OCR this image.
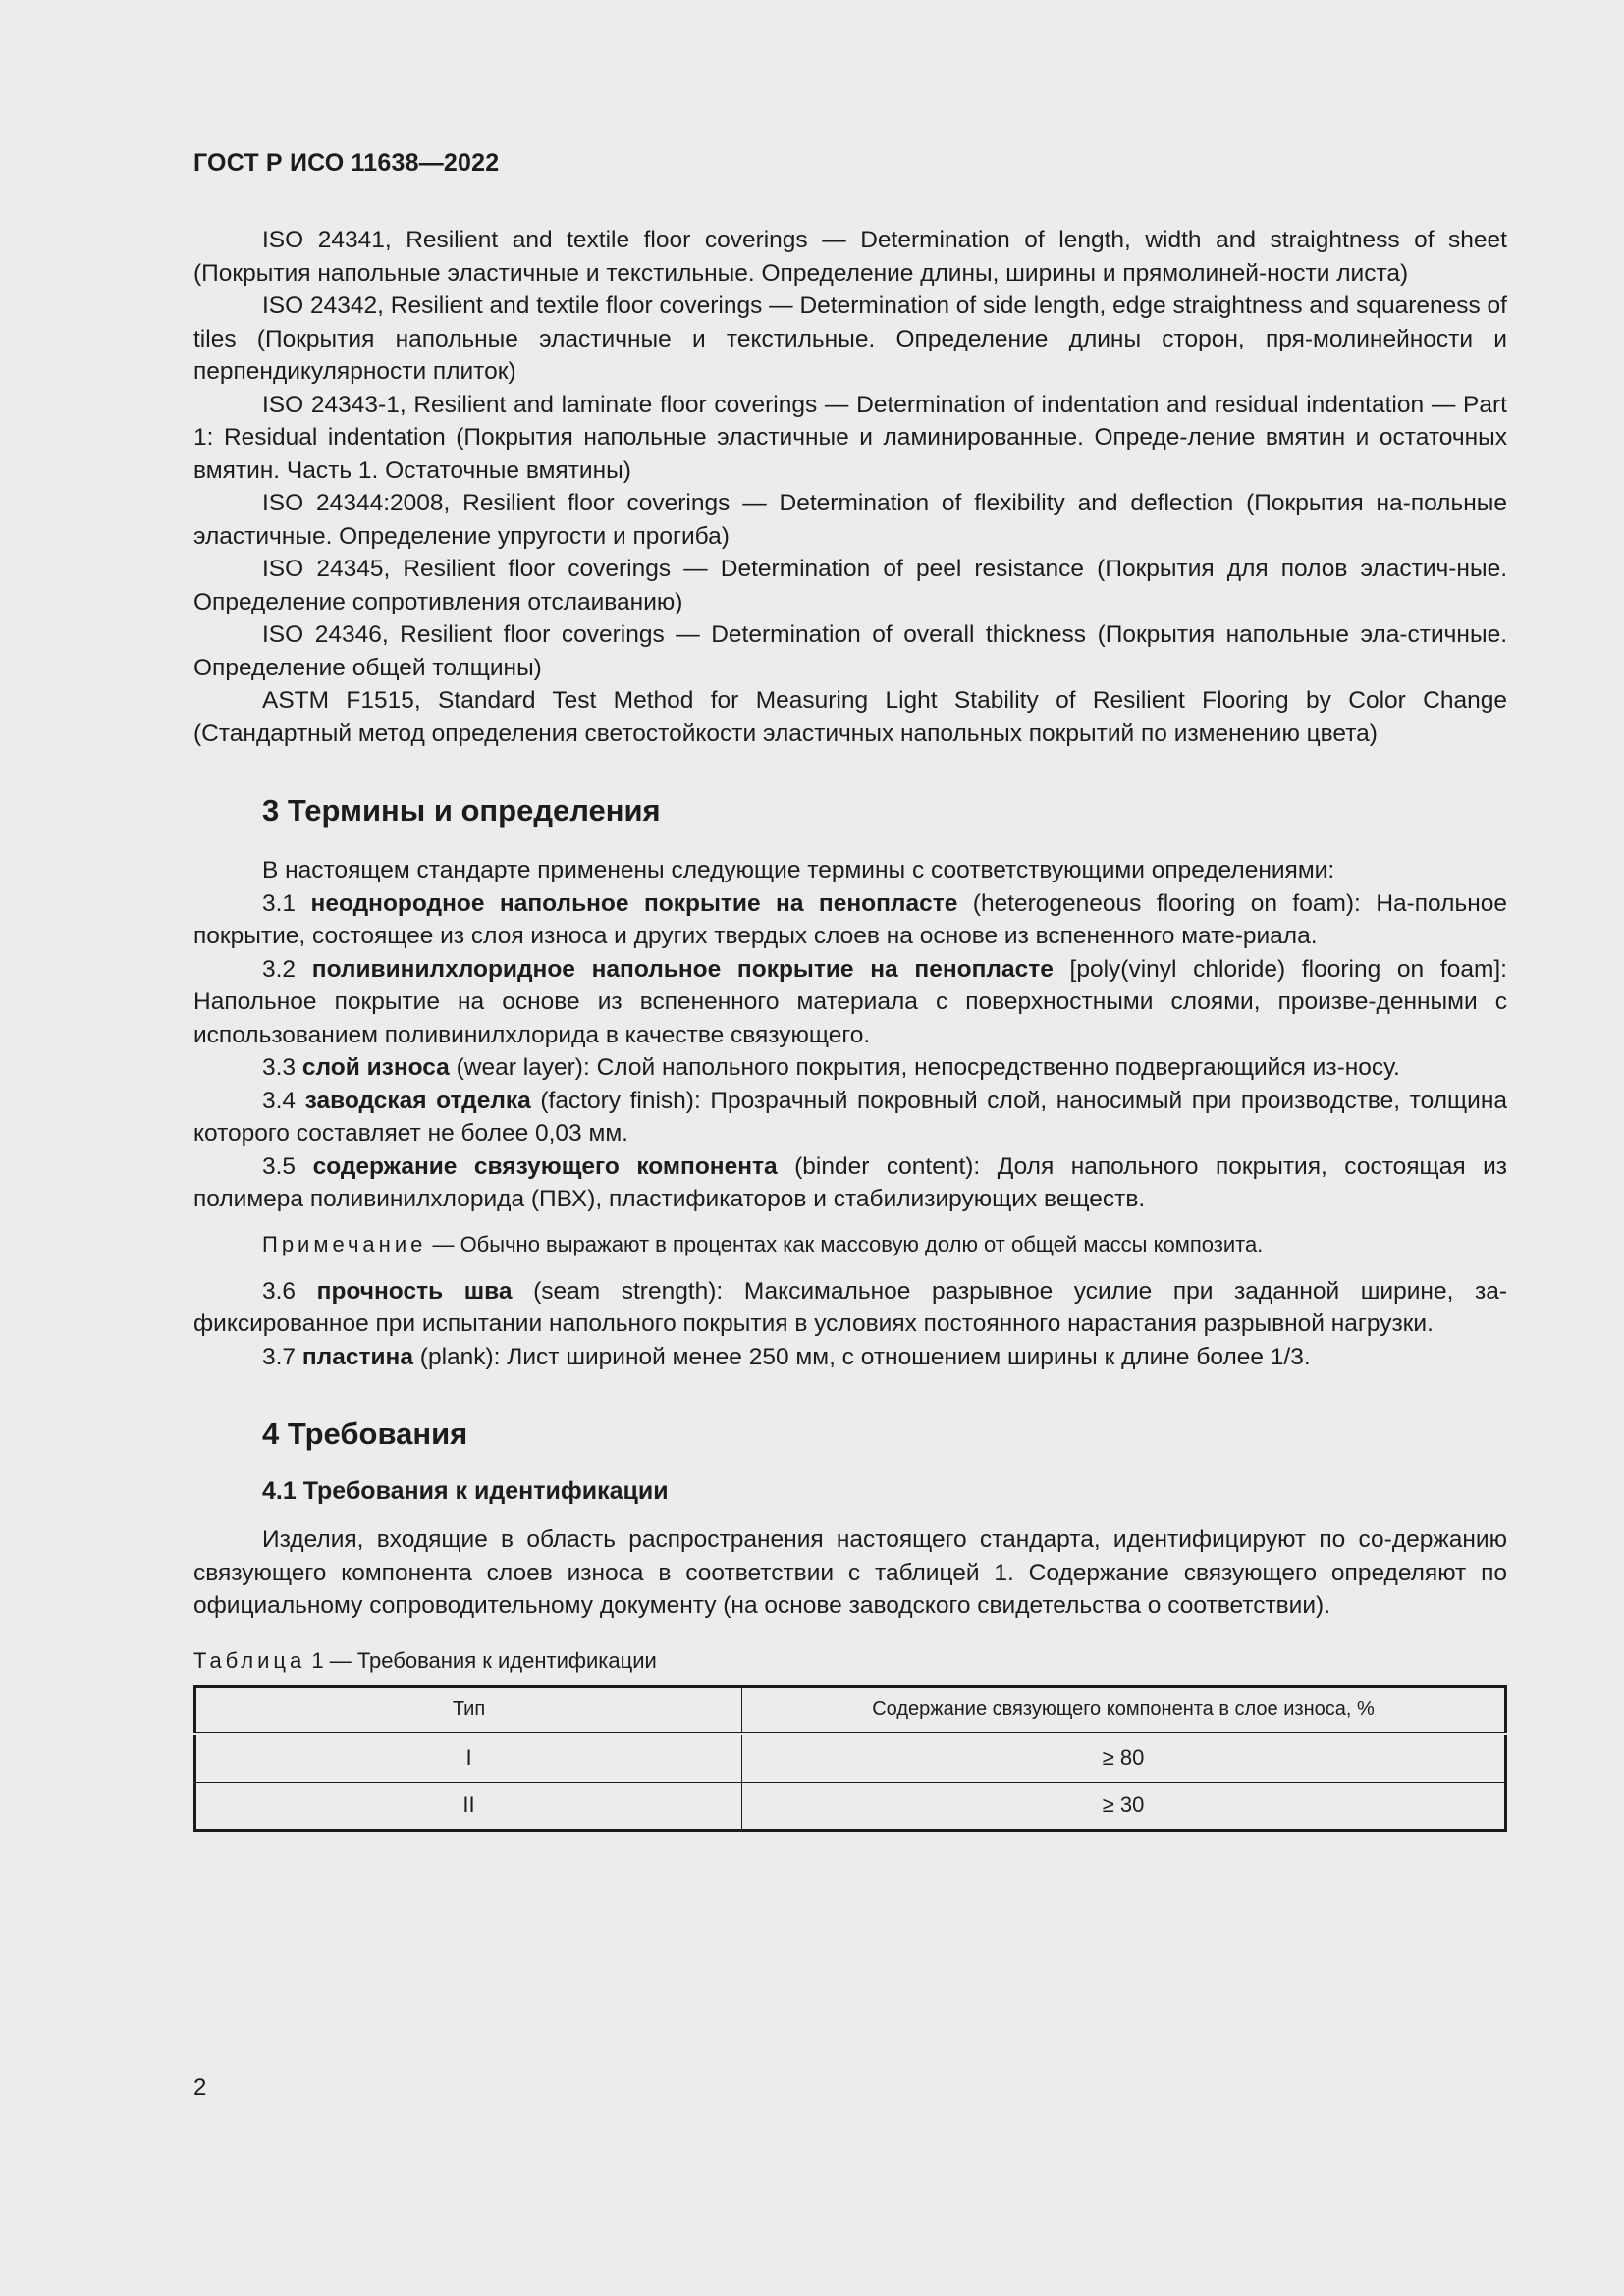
ГОСТ Р ИСО 11638—2022

ISO 24341, Resilient and textile floor coverings — Determination of length, width and straightness of sheet (Покрытия напольные эластичные и текстильные. Определение длины, ширины и прямолиней-ности листа)

ISO 24342, Resilient and textile floor coverings — Determination of side length, edge straightness and squareness of tiles (Покрытия напольные эластичные и текстильные. Определение длины сторон, пря-молинейности и перпендикулярности плиток)

ISO 24343-1, Resilient and laminate floor coverings — Determination of indentation and residual indentation — Part 1: Residual indentation (Покрытия напольные эластичные и ламинированные. Опреде-ление вмятин и остаточных вмятин. Часть 1. Остаточные вмятины)

ISO 24344:2008, Resilient floor coverings — Determination of flexibility and deflection (Покрытия на-польные эластичные. Определение упругости и прогиба)

ISO 24345, Resilient floor coverings — Determination of peel resistance (Покрытия для полов эластич-ные. Определение сопротивления отслаиванию)

ISO 24346, Resilient floor coverings — Determination of overall thickness (Покрытия напольные эла-стичные. Определение общей толщины)

ASTM F1515, Standard Test Method for Measuring Light Stability of Resilient Flooring by Color Change (Стандартный метод определения светостойкости эластичных напольных покрытий по изменению цвета)

3 Термины и определения

В настоящем стандарте применены следующие термины с соответствующими определениями:

3.1 неоднородное напольное покрытие на пенопласте (heterogeneous flooring on foam): На-польное покрытие, состоящее из слоя износа и других твердых слоев на основе из вспененного мате-риала.

3.2 поливинилхлоридное напольное покрытие на пенопласте [poly(vinyl chloride) flooring on foam]: Напольное покрытие на основе из вспененного материала с поверхностными слоями, произве-денными с использованием поливинилхлорида в качестве связующего.

3.3 слой износа (wear layer): Слой напольного покрытия, непосредственно подвергающийся из-носу.

3.4 заводская отделка (factory finish): Прозрачный покровный слой, наносимый при производстве, толщина которого составляет не более 0,03 мм.

3.5 содержание связующего компонента (binder content): Доля напольного покрытия, состоящая из полимера поливинилхлорида (ПВХ), пластификаторов и стабилизирующих веществ.

Примечание — Обычно выражают в процентах как массовую долю от общей массы композита.

3.6 прочность шва (seam strength): Максимальное разрывное усилие при заданной ширине, за-фиксированное при испытании напольного покрытия в условиях постоянного нарастания разрывной нагрузки.

3.7 пластина (plank): Лист шириной менее 250 мм, с отношением ширины к длине более 1/3.

4 Требования
4.1 Требования к идентификации

Изделия, входящие в область распространения настоящего стандарта, идентифицируют по со-держанию связующего компонента слоев износа в соответствии с таблицей 1. Содержание связующего определяют по официальному сопроводительному документу (на основе заводского свидетельства о соответствии).

Таблица 1 — Требования к идентификации
Тип	Содержание связующего компонента в слое износа, %
I	≥ 80
II	≥ 30
2
